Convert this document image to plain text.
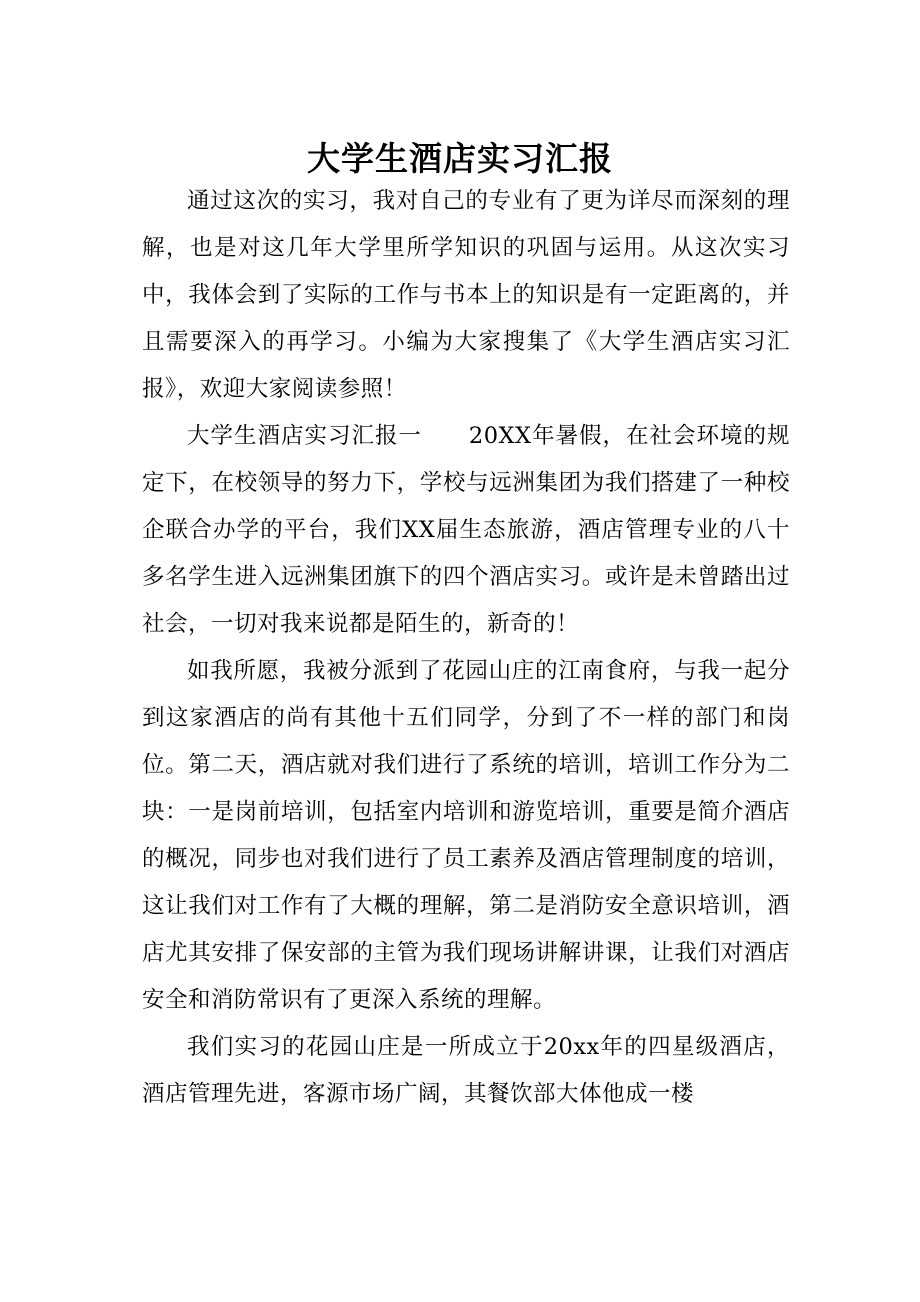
大学生酒店实习汇报

通过这次的实习，我对自己的专业有了更为详尽而深刻的理解，也是对这几年大学里所学知识的巩固与运用。从这次实习中，我体会到了实际的工作与书本上的知识是有一定距离的，并且需要深入的再学习。小编为大家搜集了《大学生酒店实习汇报》，欢迎大家阅读参照！

大学生酒店实习汇报一　　20XX年暑假，在社会环境的规定下，在校领导的努力下，学校与远洲集团为我们搭建了一种校企联合办学的平台，我们XX届生态旅游，酒店管理专业的八十多名学生进入远洲集团旗下的四个酒店实习。或许是未曾踏出过社会，一切对我来说都是陌生的，新奇的！

如我所愿，我被分派到了花园山庄的江南食府，与我一起分到这家酒店的尚有其他十五们同学，分到了不一样的部门和岗位。第二天，酒店就对我们进行了系统的培训，培训工作分为二块：一是岗前培训，包括室内培训和游览培训，重要是简介酒店的概况，同步也对我们进行了员工素养及酒店管理制度的培训，这让我们对工作有了大概的理解，第二是消防安全意识培训，酒店尤其安排了保安部的主管为我们现场讲解讲课，让我们对酒店安全和消防常识有了更深入系统的理解。

我们实习的花园山庄是一所成立于20xx年的四星级酒店，酒店管理先进，客源市场广阔，其餐饮部大体他成一楼
